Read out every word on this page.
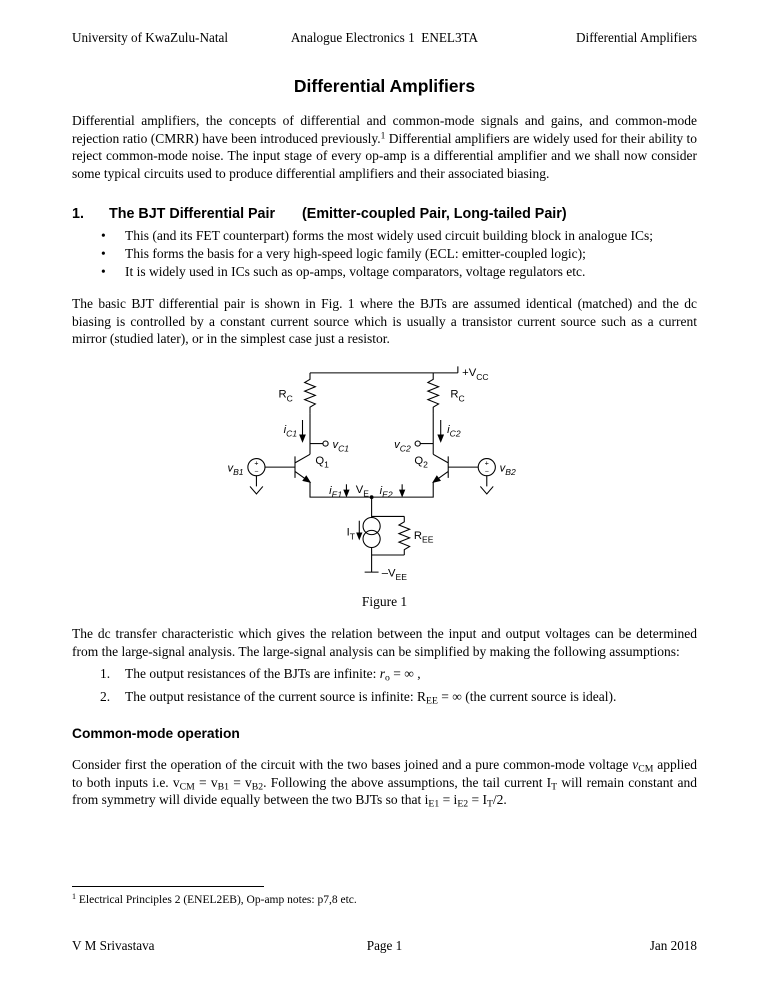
University of KwaZulu-Natal	Analogue Electronics 1  ENEL3TA	Differential Amplifiers
Differential Amplifiers

Differential amplifiers, the concepts of differential and common-mode signals and gains, and common-mode rejection ratio (CMRR) have been introduced previously.$^1$ Differential amplifiers are widely used for their ability to reject common-mode noise. The input stage of every op-amp is a differential amplifier and we shall now consider some typical circuits used to produce differential amplifiers and their associated biasing.

1. The BJT Differential Pair (Emitter-coupled Pair, Long-tailed Pair)
• This (and its FET counterpart) forms the most widely used circuit building block in analogue ICs;
• This forms the basis for a very high-speed logic family (ECL: emitter-coupled logic);
• It is widely used in ICs such as op-amps, voltage comparators, voltage regulators etc.

The basic BJT differential pair is shown in Fig. 1 where the BJTs are assumed identical (matched) and the dc biasing is controlled by a constant current source which is usually a transistor current source such as a current mirror (studied later), or in the simplest case just a resistor.

$+V_{CC}$
$R_C$	$R_C$
$i_{C1}$	$i_{C2}$
$v_{C1}$	$v_{C2}$
$Q_1$	$Q_2$
$v_{B1}$	$v_{B2}$
$i_{E1}$ $V_E$ $i_{E2}$
$I_T$	$R_{EE}$
$-V_{EE}$
+
−
+
−
Figure 1

The dc transfer characteristic which gives the relation between the input and output voltages can be determined from the large-signal analysis. The large-signal analysis can be simplified by making the following assumptions:

1. The output resistances of the BJTs are infinite: $r_o$ = ∞ ,
2. The output resistance of the current source is infinite: $R_{EE}$ = ∞ (the current source is ideal).
Common-mode operation

Consider first the operation of the circuit with the two bases joined and a pure common-mode voltage $v_{CM}$ applied to both inputs i.e. $v_{CM} = v_{B1} = v_{B2}$. Following the above assumptions, the tail current $I_T$ will remain constant and from symmetry will divide equally between the two BJTs so that $i_{E1} = i_{E2} = I_T/2$.

$^1$ Electrical Principles 2 (ENEL2EB), Op-amp notes: p7,8 etc.

V M Srivastava	Page 1	Jan 2018
